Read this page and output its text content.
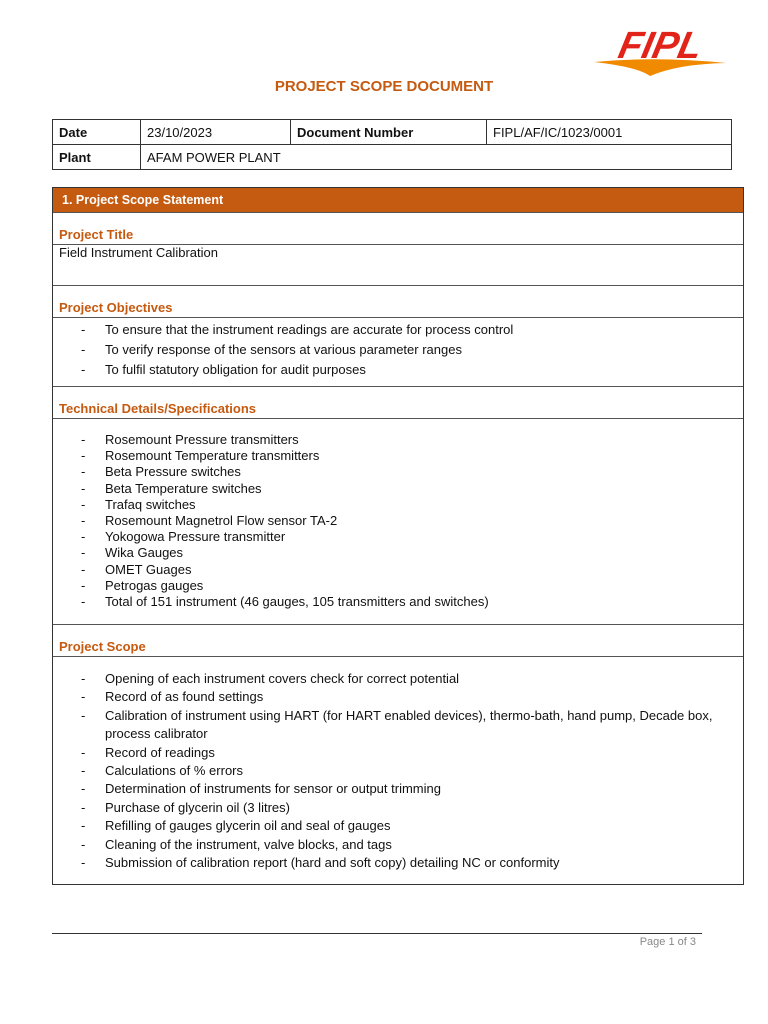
FIPL
PROJECT SCOPE DOCUMENT
Date	23/10/2023	Document Number	FIPL/AF/IC/1023/0001
Plant	AFAM POWER PLANT		
1. Project Scope Statement
Project Title
Field Instrument Calibration
Project Objectives
- To ensure that the instrument readings are accurate for process control
- To verify response of the sensors at various parameter ranges
- To fulfil statutory obligation for audit purposes
Technical Details/Specifications
- Rosemount Pressure transmitters
- Rosemount Temperature transmitters
- Beta Pressure switches
- Beta Temperature switches
- Trafaq switches
- Rosemount Magnetrol Flow sensor TA-2
- Yokogowa Pressure transmitter
- Wika Gauges
- OMET Guages
- Petrogas gauges
- Total of 151 instrument (46 gauges, 105 transmitters and switches)
Project Scope
- Opening of each instrument covers check for correct potential
- Record of as found settings
- Calibration of instrument using HART (for HART enabled devices), thermo-bath, hand pump, Decade box, process calibrator
- Record of readings
- Calculations of % errors
- Determination of instruments for sensor or output trimming
- Purchase of glycerin oil (3 litres)
- Refilling of gauges glycerin oil and seal of gauges
- Cleaning of the instrument, valve blocks, and tags
- Submission of calibration report (hard and soft copy) detailing NC or conformity
Page 1 of 3
